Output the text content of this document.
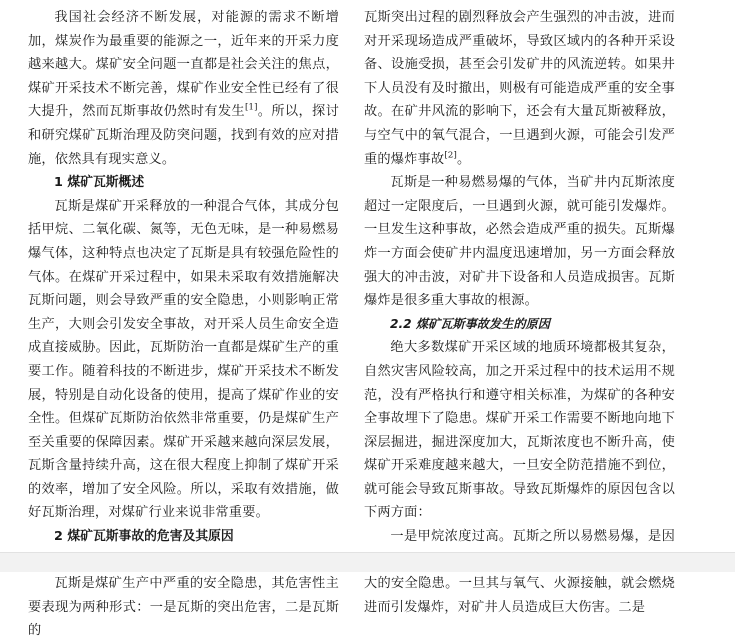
我国社会经济不断发展，对能源的需求不断增加，煤炭作为最重要的能源之一，近年来的开采力度越来越大。煤矿安全问题一直都是社会关注的焦点，煤矿开采技术不断完善，煤矿作业安全性已经有了很大提升，然而瓦斯事故仍然时有发生[1]。所以，探讨和研究煤矿瓦斯治理及防突问题，找到有效的应对措施，依然具有现实意义。

1 煤矿瓦斯概述

瓦斯是煤矿开采释放的一种混合气体，其成分包括甲烷、二氧化碳、氮等，无色无味，是一种易燃易爆气体，这种特点也决定了瓦斯是具有较强危险性的气体。在煤矿开采过程中，如果未采取有效措施解决瓦斯问题，则会导致严重的安全隐患，小则影响正常生产，大则会引发安全事故，对开采人员生命安全造成直接威胁。因此，瓦斯防治一直都是煤矿生产的重要工作。随着科技的不断进步，煤矿开采技术不断发展，特别是自动化设备的使用，提高了煤矿作业的安全性。但煤矿瓦斯防治依然非常重要，仍是煤矿生产至关重要的保障因素。煤矿开采越来越向深层发展，瓦斯含量持续升高，这在很大程度上抑制了煤矿开采的效率，增加了安全风险。所以，采取有效措施，做好瓦斯治理，对煤矿行业来说非常重要。

2 煤矿瓦斯事故的危害及其原因

瓦斯是煤矿生产中严重的安全隐患，其危害性主要表现为两种形式：一是瓦斯的突出危害，二是瓦斯的

瓦斯突出过程的剧烈释放会产生强烈的冲击波，进而对开采现场造成严重破坏，导致区域内的各种开采设备、设施受损，甚至会引发矿井的风流逆转。如果井下人员没有及时撤出，则极有可能造成严重的安全事故。在矿井风流的影响下，还会有大量瓦斯被释放，与空气中的氧气混合，一旦遇到火源，可能会引发严重的爆炸事故[2]。

瓦斯是一种易燃易爆的气体，当矿井内瓦斯浓度超过一定限度后，一旦遇到火源，就可能引发爆炸。一旦发生这种事故，必然会造成严重的损失。瓦斯爆炸一方面会使矿井内温度迅速增加，另一方面会释放强大的冲击波，对矿井下设备和人员造成损害。瓦斯爆炸是很多重大事故的根源。

2.2 煤矿瓦斯事故发生的原因

绝大多数煤矿开采区域的地质环境都极其复杂，自然灾害风险较高，加之开采过程中的技术运用不规范，没有严格执行和遵守相关标准，为煤矿的各种安全事故埋下了隐患。煤矿开采工作需要不断地向地下深层掘进，掘进深度加大，瓦斯浓度也不断升高，使煤矿开采难度越来越大，一旦安全防范措施不到位，就可能会导致瓦斯事故。导致瓦斯爆炸的原因包含以下两方面：

一是甲烷浓度过高。瓦斯之所以易燃易爆，是因 大的安全隐患。一旦其与氧气、火源接触，就会燃烧进而引发爆炸，对矿井人员造成巨大伤害。二是
